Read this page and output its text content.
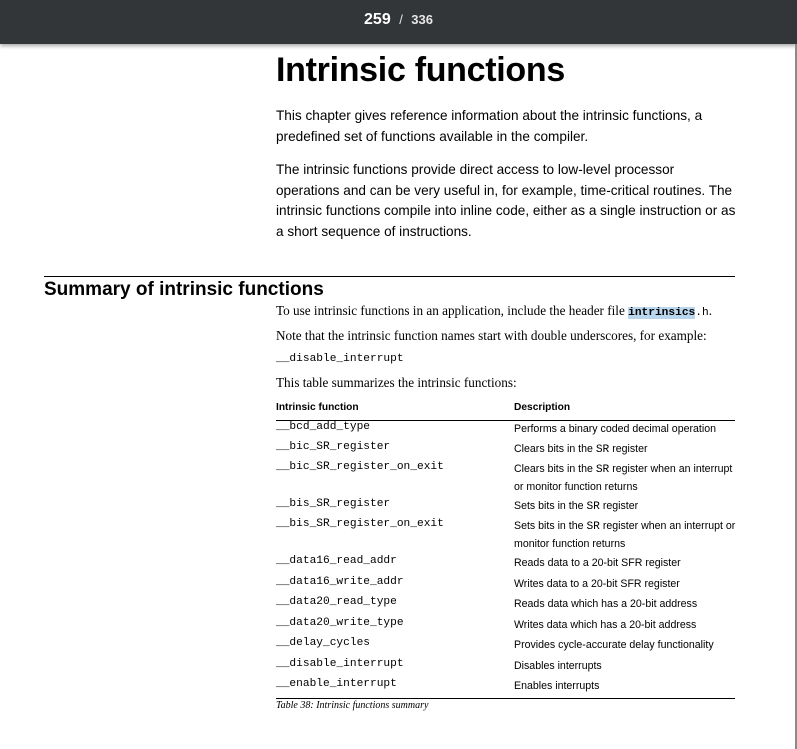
259 / 336
Intrinsic functions

This chapter gives reference information about the intrinsic functions, a predefined set of functions available in the compiler.

The intrinsic functions provide direct access to low-level processor operations and can be very useful in, for example, time-critical routines. The intrinsic functions compile into inline code, either as a single instruction or as a short sequence of instructions.

Summary of intrinsic functions

To use intrinsic functions in an application, include the header file intrinsics.h.

Note that the intrinsic function names start with double underscores, for example:

__disable_interrupt

This table summarizes the intrinsic functions:

Intrinsic function	Description
__bcd_add_type	Performs a binary coded decimal operation
__bic_SR_register	Clears bits in the SR register
__bic_SR_register_on_exit	Clears bits in the SR register when an interrupt or monitor function returns
__bis_SR_register	Sets bits in the SR register
__bis_SR_register_on_exit	Sets bits in the SR register when an interrupt or monitor function returns
__data16_read_addr	Reads data to a 20-bit SFR register
__data16_write_addr	Writes data to a 20-bit SFR register
__data20_read_type	Reads data which has a 20-bit address
__data20_write_type	Writes data which has a 20-bit address
__delay_cycles	Provides cycle-accurate delay functionality
__disable_interrupt	Disables interrupts
__enable_interrupt	Enables interrupts

Table 38: Intrinsic functions summary
